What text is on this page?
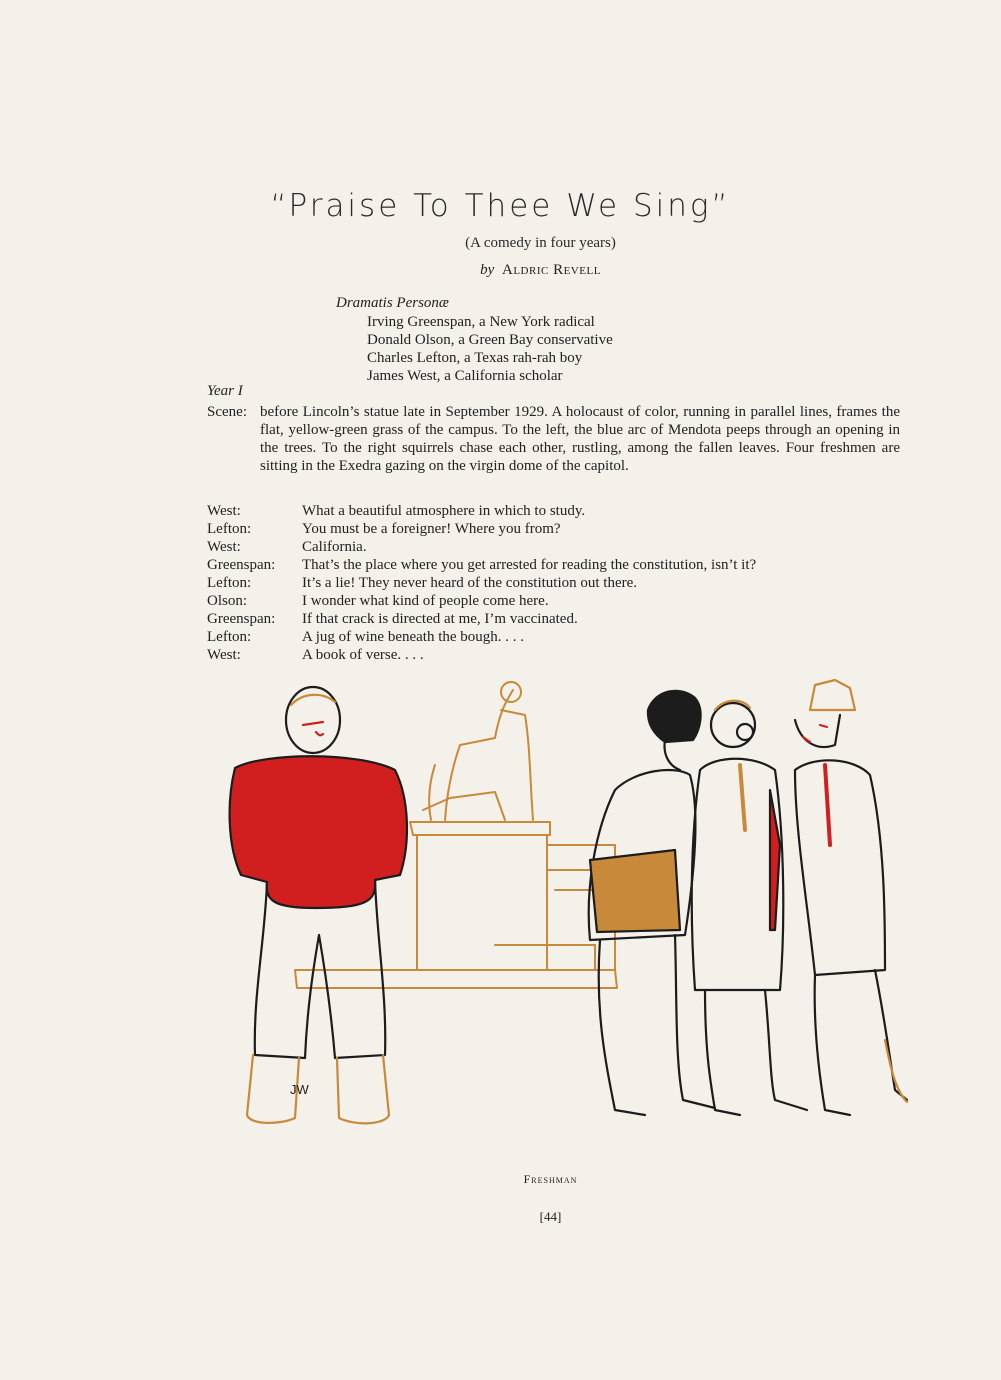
“Praise To Thee We Sing”
(A comedy in four years)
by Aldric Revell
Dramatis Personæ
Irving Greenspan, a New York radical
Donald Olson, a Green Bay conservative
Charles Lefton, a Texas rah-rah boy
James West, a California scholar
Year I
Scene: before Lincoln’s statue late in September 1929. A holocaust of color, running in parallel lines, frames the flat, yellow-green grass of the campus. To the left, the blue arc of Mendota peeps through an opening in the trees. To the right squirrels chase each other, rustling, among the fallen leaves. Four freshmen are sitting in the Exedra gazing on the virgin dome of the capitol.
West:	What a beautiful atmosphere in which to study.
Lefton:	You must be a foreigner! Where you from?
West:	California.
Greenspan:	That’s the place where you get arrested for reading the constitution, isn’t it?
Lefton:	It’s a lie! They never heard of the constitution out there.
Olson:	I wonder what kind of people come here.
Greenspan:	If that crack is directed at me, I’m vaccinated.
Lefton:	A jug of wine beneath the bough. . . .
West:	A book of verse. . . .
JW
Freshman
[44]
